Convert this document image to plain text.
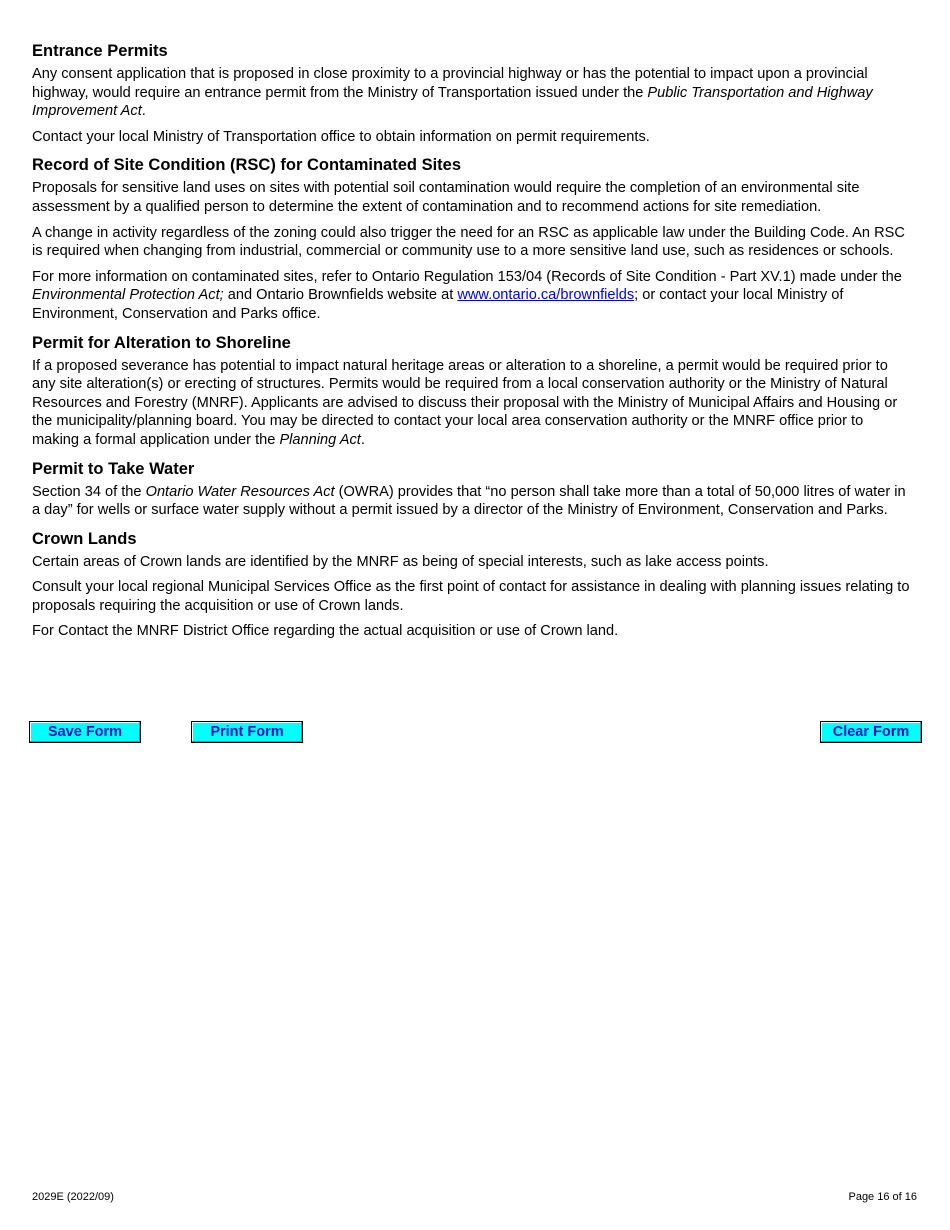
Entrance Permits

Any consent application that is proposed in close proximity to a provincial highway or has the potential to impact upon a provincial highway, would require an entrance permit from the Ministry of Transportation issued under the Public Transportation and Highway Improvement Act.

Contact your local Ministry of Transportation office to obtain information on permit requirements.

Record of Site Condition (RSC) for Contaminated Sites

Proposals for sensitive land uses on sites with potential soil contamination would require the completion of an environmental site assessment by a qualified person to determine the extent of contamination and to recommend actions for site remediation.

A change in activity regardless of the zoning could also trigger the need for an RSC as applicable law under the Building Code. An RSC is required when changing from industrial, commercial or community use to a more sensitive land use, such as residences or schools.

For more information on contaminated sites, refer to Ontario Regulation 153/04 (Records of Site Condition - Part XV.1) made under the Environmental Protection Act; and Ontario Brownfields website at www.ontario.ca/brownfields; or contact your local Ministry of Environment, Conservation and Parks office.

Permit for Alteration to Shoreline

If a proposed severance has potential to impact natural heritage areas or alteration to a shoreline, a permit would be required prior to any site alteration(s) or erecting of structures. Permits would be required from a local conservation authority or the Ministry of Natural Resources and Forestry (MNRF). Applicants are advised to discuss their proposal with the Ministry of Municipal Affairs and Housing or the municipality/planning board. You may be directed to contact your local area conservation authority or the MNRF office prior to making a formal application under the Planning Act.

Permit to Take Water

Section 34 of the Ontario Water Resources Act (OWRA) provides that “no person shall take more than a total of 50,000 litres of water in a day” for wells or surface water supply without a permit issued by a director of the Ministry of Environment, Conservation and Parks.

Crown Lands

Certain areas of Crown lands are identified by the MNRF as being of special interests, such as lake access points.

Consult your local regional Municipal Services Office as the first point of contact for assistance in dealing with planning issues relating to proposals requiring the acquisition or use of Crown lands.

For Contact the MNRF District Office regarding the actual acquisition or use of Crown land.

Save Form	Print Form	Clear Form
2029E (2022/09)	Page 16 of 16
